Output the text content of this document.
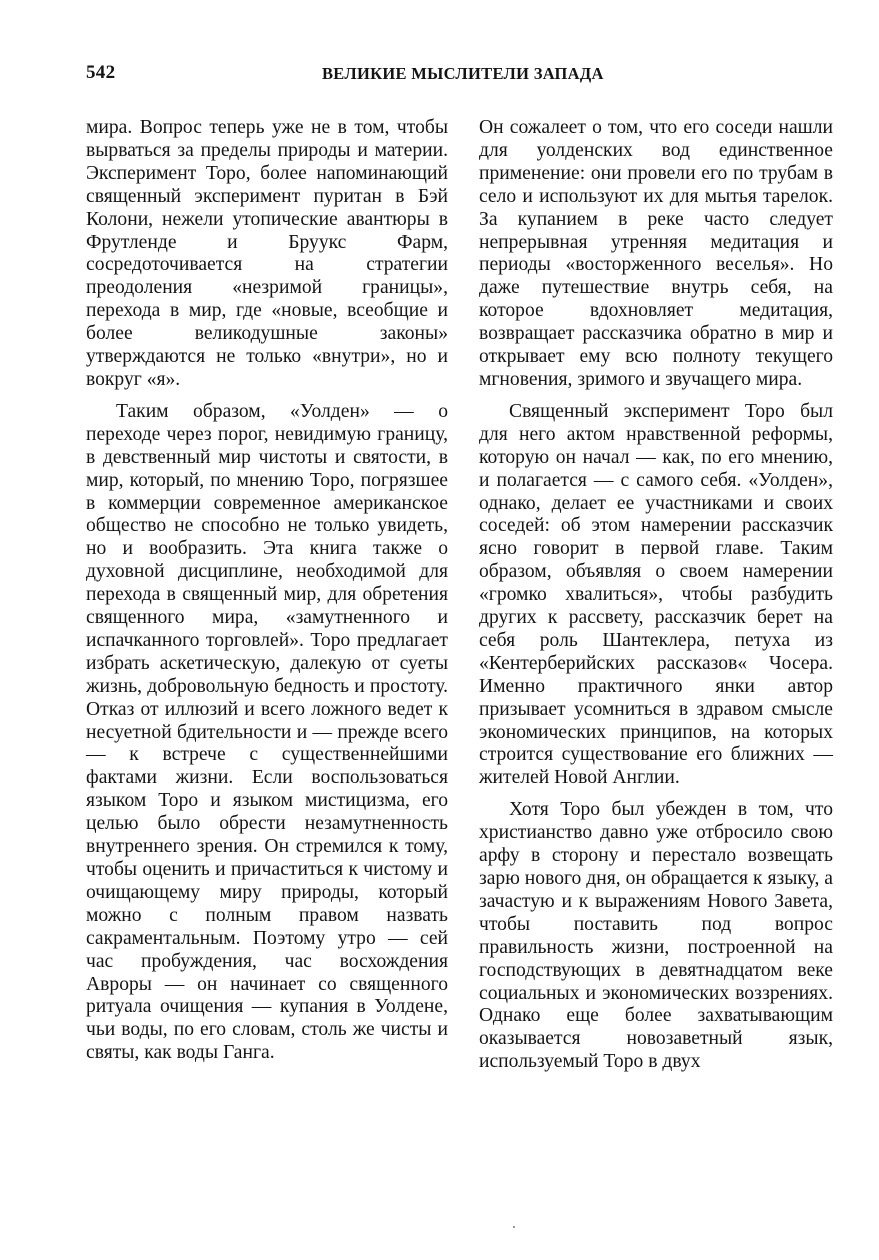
542	ВЕЛИКИЕ МЫСЛИТЕЛИ ЗАПАДА

мира. Вопрос теперь уже не в том, чтобы вырваться за пределы природы и материи. Эксперимент Торо, более напоминающий священный эксперимент пуритан в Бэй Колони, нежели утопические авантюры в Фрутленде и Бруукс Фарм, сосредоточивается на стратегии преодоления «незримой границы», перехода в мир, где «новые, всеобщие и более великодушные законы» утверждаются не только «внутри», но и вокруг «я».

Таким образом, «Уолден» — о переходе через порог, невидимую границу, в девственный мир чистоты и святости, в мир, который, по мнению Торо, погрязшее в коммерции современное американское общество не способно не только увидеть, но и вообразить. Эта книга также о духовной дисциплине, необходимой для перехода в священный мир, для обретения священного мира, «замутненного и испачканного торговлей». Торо предлагает избрать аскетическую, далекую от суеты жизнь, добровольную бедность и простоту. Отказ от иллюзий и всего ложного ведет к несуетной бдительности и — прежде всего — к встрече с существеннейшими фактами жизни. Если воспользоваться языком Торо и языком мистицизма, его целью было обрести незамутненность внутреннего зрения. Он стремился к тому, чтобы оценить и причаститься к чистому и очищающему миру природы, который можно с полным правом назвать сакраментальным. Поэтому утро — сей час пробуждения, час восхождения Авроры — он начинает со священного ритуала очищения — купания в Уолдене, чьи воды, по его словам, столь же чисты и святы, как воды Ганга.

Он сожалеет о том, что его соседи нашли для уолденских вод единственное применение: они провели его по трубам в село и используют их для мытья тарелок. За купанием в реке часто следует непрерывная утренняя медитация и периоды «восторженного веселья». Но даже путешествие внутрь себя, на которое вдохновляет медитация, возвращает рассказчика обратно в мир и открывает ему всю полноту текущего мгновения, зримого и звучащего мира.

Священный эксперимент Торо был для него актом нравственной реформы, которую он начал — как, по его мнению, и полагается — с самого себя. «Уолден», однако, делает ее участниками и своих соседей: об этом намерении рассказчик ясно говорит в первой главе. Таким образом, объявляя о своем намерении «громко хвалиться», чтобы разбудить других к рассвету, рассказчик берет на себя роль Шантеклера, петуха из «Кентерберийских рассказов« Чосера. Именно практичного янки автор призывает усомниться в здравом смысле экономических принципов, на которых строится существование его ближних — жителей Новой Англии.

Хотя Торо был убежден в том, что христианство давно уже отбросило свою арфу в сторону и перестало возвещать зарю нового дня, он обращается к языку, а зачастую и к выражениям Нового Завета, чтобы поставить под вопрос правильность жизни, построенной на господствующих в девятнадцатом веке социальных и экономических воззрениях. Однако еще более захватывающим оказывается новозаветный язык, используемый Торо в двух
